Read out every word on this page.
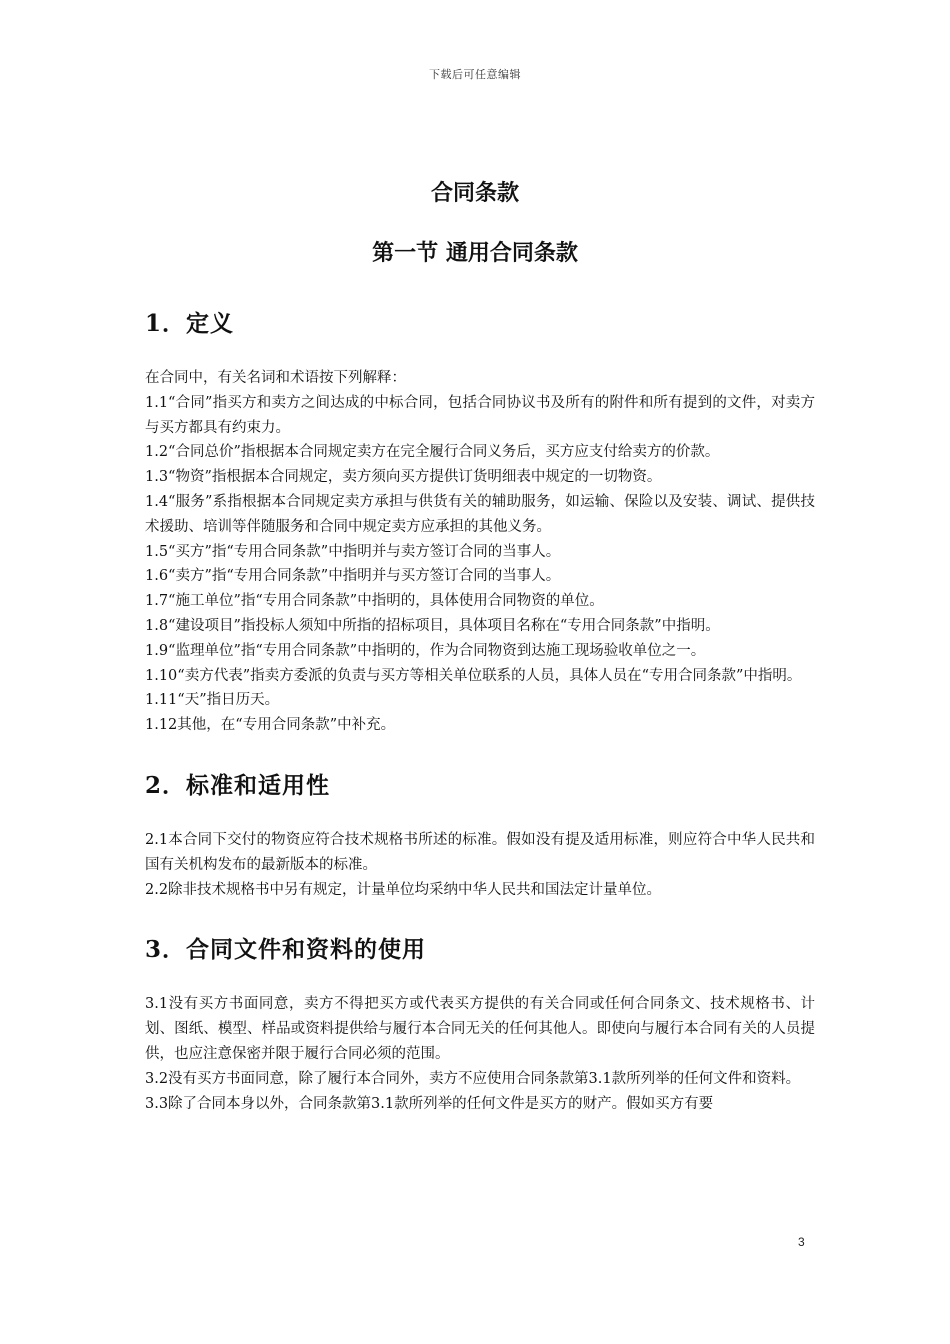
下载后可任意编辑
合同条款
第一节 通用合同条款
1．定义

在合同中，有关名词和术语按下列解释：

1.1“合同”指买方和卖方之间达成的中标合同，包括合同协议书及所有的附件和所有提到的文件，对卖方与买方都具有约束力。

1.2“合同总价”指根据本合同规定卖方在完全履行合同义务后，买方应支付给卖方的价款。

1.3“物资”指根据本合同规定，卖方须向买方提供订货明细表中规定的一切物资。

1.4“服务”系指根据本合同规定卖方承担与供货有关的辅助服务，如运输、保险以及安装、调试、提供技术援助、培训等伴随服务和合同中规定卖方应承担的其他义务。

1.5“买方”指“专用合同条款”中指明并与卖方签订合同的当事人。

1.6“卖方”指“专用合同条款”中指明并与买方签订合同的当事人。

1.7“施工单位”指“专用合同条款”中指明的，具体使用合同物资的单位。

1.8“建设项目”指投标人须知中所指的招标项目，具体项目名称在“专用合同条款”中指明。

1.9“监理单位”指“专用合同条款”中指明的，作为合同物资到达施工现场验收单位之一。

1.10“卖方代表”指卖方委派的负责与买方等相关单位联系的人员，具体人员在“专用合同条款”中指明。

1.11“天”指日历天。

1.12其他，在“专用合同条款”中补充。

2．标准和适用性

2.1本合同下交付的物资应符合技术规格书所述的标准。假如没有提及适用标准，则应符合中华人民共和国有关机构发布的最新版本的标准。

2.2除非技术规格书中另有规定，计量单位均采纳中华人民共和国法定计量单位。

3．合同文件和资料的使用

3.1没有买方书面同意，卖方不得把买方或代表买方提供的有关合同或任何合同条文、技术规格书、计划、图纸、模型、样品或资料提供给与履行本合同无关的任何其他人。即使向与履行本合同有关的人员提供，也应注意保密并限于履行合同必须的范围。

3.2没有买方书面同意，除了履行本合同外，卖方不应使用合同条款第3.1款所列举的任何文件和资料。

3.3除了合同本身以外，合同条款第3.1款所列举的任何文件是买方的财产。假如买方有要

3
